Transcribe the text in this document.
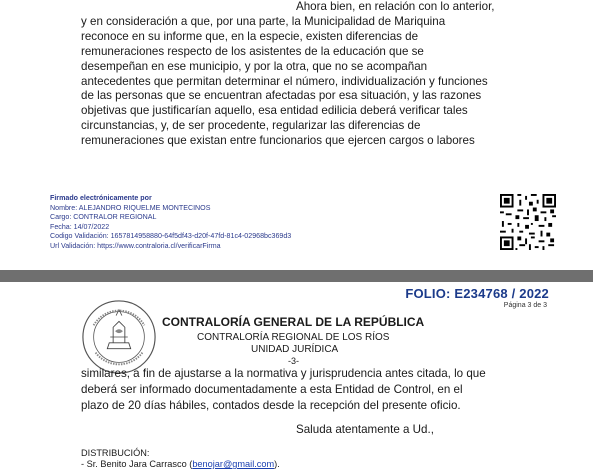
Ahora bien, en relación con lo anterior,

y en consideración a que, por una parte, la Municipalidad de Mariquina

reconoce en su informe que, en la especie, existen diferencias de

remuneraciones respecto de los asistentes de la educación que se

desempeñan en ese municipio, y por la otra, que no se acompañan

antecedentes que permitan determinar el número, individualización y funciones

de las personas que se encuentran afectadas por esa situación, y las razones

objetivas que justificarían aquello, esa entidad edilicia deberá verificar tales

circunstancias, y, de ser procedente, regularizar las diferencias de

remuneraciones que existan entre funcionarios que ejercen cargos o labores

Firmado electrónicamente por
Nombre: ALEJANDRO RIQUELME MONTECINOS
Cargo: CONTRALOR REGIONAL
Fecha: 14/07/2022
Codigo Validación: 1657814958880-64f5df43-d20f-47fd-81c4-02968bc369d3
Url Validación: https://www.contraloria.cl/verificarFirma
FOLIO: E234768 / 2022
Página 3 de 3
CONTRALORÍA GENERAL DE LA REPÚBLICA
CONTRALORÍA REGIONAL DE LOS RÍOS
UNIDAD JURÍDICA
-3-

similares, a fin de ajustarse a la normativa y jurisprudencia antes citada, lo que

deberá ser informado documentadamente a esta Entidad de Control, en el

plazo de 20 días hábiles, contados desde la recepción del presente oficio.

Saluda atentamente a Ud.,
DISTRIBUCIÓN:
- Sr. Benito Jara Carrasco (benojar@gmail.com).
